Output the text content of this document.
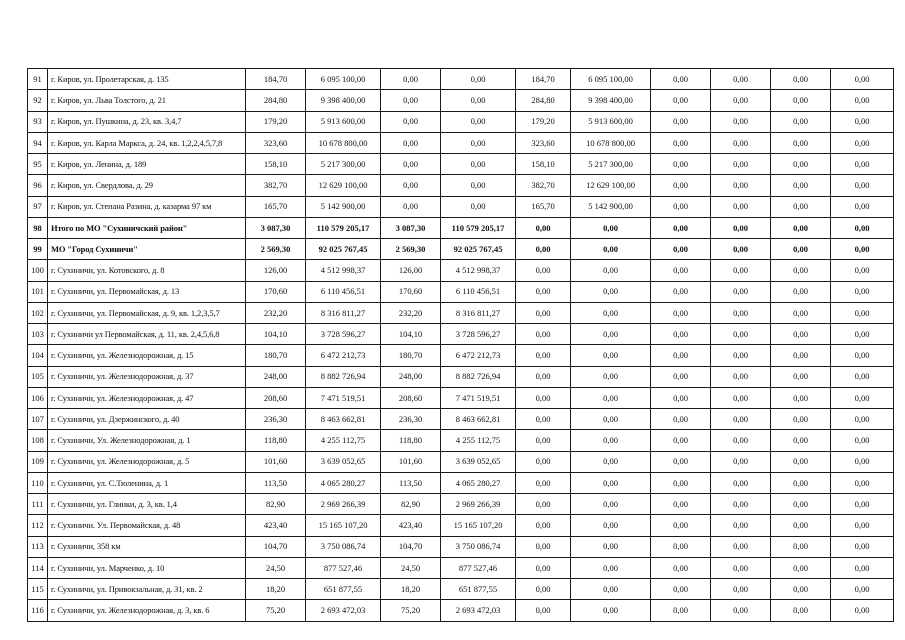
91	г. Киров, ул. Пролетарская, д. 135	184,70	6 095 100,00	0,00	0,00	184,70	6 095 100,00	0,00	0,00	0,00	0,00
92	г. Киров, ул. Льва Толстого, д. 21	284,80	9 398 400,00	0,00	0,00	284,80	9 398 400,00	0,00	0,00	0,00	0,00
93	г. Киров, ул. Пушкина, д. 23, кв. 3,4,7	179,20	5 913 600,00	0,00	0,00	179,20	5 913 600,00	0,00	0,00	0,00	0,00
94	г. Киров, ул. Карла Маркса, д. 24, кв. 1,2,2,4,5,7,8	323,60	10 678 800,00	0,00	0,00	323,60	10 678 800,00	0,00	0,00	0,00	0,00
95	г. Киров, ул. Ленина, д. 189	158,10	5 217 300,00	0,00	0,00	158,10	5 217 300,00	0,00	0,00	0,00	0,00
96	г. Киров, ул. Свердлова, д. 29	382,70	12 629 100,00	0,00	0,00	382,70	12 629 100,00	0,00	0,00	0,00	0,00
97	г. Киров, ул. Степана Разина, д. казарма 97 км	165,70	5 142 900,00	0,00	0,00	165,70	5 142 900,00	0,00	0,00	0,00	0,00
98	Итого по МО "Сухиничский район"	3 087,30	110 579 205,17	3 087,30	110 579 205,17	0,00	0,00	0,00	0,00	0,00	0,00
99	МО "Город Сухиничи"	2 569,30	92 025 767,45	2 569,30	92 025 767,45	0,00	0,00	0,00	0,00	0,00	0,00
100	г. Сухиничи, ул. Котовского, д. 8	126,00	4 512 998,37	126,00	4 512 998,37	0,00	0,00	0,00	0,00	0,00	0,00
101	г. Сухиничи, ул. Первомайская, д. 13	170,60	6 110 456,51	170,60	6 110 456,51	0,00	0,00	0,00	0,00	0,00	0,00
102	г. Сухиничи, ул. Первомайская, д. 9, кв. 1,2,3,5,7	232,20	8 316 811,27	232,20	8 316 811,27	0,00	0,00	0,00	0,00	0,00	0,00
103	г. Сухиничи ул Первомайская, д. 11, кв. 2,4,5,6,8	104,10	3 728 596,27	104,10	3 728 596,27	0,00	0,00	0,00	0,00	0,00	0,00
104	г. Сухиничи, ул. Железнодорожная, д. 15	180,70	6 472 212,73	180,70	6 472 212,73	0,00	0,00	0,00	0,00	0,00	0,00
105	г. Сухиничи, ул. Железнодорожная, д. 37	248,00	8 882 726,94	248,00	8 882 726,94	0,00	0,00	0,00	0,00	0,00	0,00
106	г. Сухиничи, ул. Железнодорожная, д. 47	208,60	7 471 519,51	208,60	7 471 519,51	0,00	0,00	0,00	0,00	0,00	0,00
107	г. Сухиничи, ул. Дзержинского, д. 40	236,30	8 463 662,81	236,30	8 463 662,81	0,00	0,00	0,00	0,00	0,00	0,00
108	г. Сухиничи, Ул. Железнодорожная, д. 1	118,80	4 255 112,75	118,80	4 255 112,75	0,00	0,00	0,00	0,00	0,00	0,00
109	г. Сухиничи, ул. Железнодорожная, д. 5	101,60	3 639 052,65	101,60	3 639 052,65	0,00	0,00	0,00	0,00	0,00	0,00
110	г. Сухиничи, ул. С.Тюленина, д. 1	113,50	4 065 280,27	113,50	4 065 280,27	0,00	0,00	0,00	0,00	0,00	0,00
111	г. Сухиничи, ул. Глинки, д. 3, кв. 1,4	82,90	2 969 266,39	82,90	2 969 266,39	0,00	0,00	0,00	0,00	0,00	0,00
112	г. Сухиничи. Ул. Первомайская, д. 48	423,40	15 165 107,20	423,40	15 165 107,20	0,00	0,00	0,00	0,00	0,00	0,00
113	г. Сухиничи, 358 км	104,70	3 750 086,74	104,70	3 750 086,74	0,00	0,00	0,00	0,00	0,00	0,00
114	г. Сухиничи, ул. Марченко, д. 10	24,50	877 527,46	24,50	877 527,46	0,00	0,00	0,00	0,00	0,00	0,00
115	г. Сухиничи, ул. Привокзальная, д. 31, кв. 2	18,20	651 877,55	18,20	651 877,55	0,00	0,00	0,00	0,00	0,00	0,00
116	г. Сухиничи, ул. Железнодорожная, д. 3, кв. 6	75,20	2 693 472,03	75,20	2 693 472,03	0,00	0,00	0,00	0,00	0,00	0,00
